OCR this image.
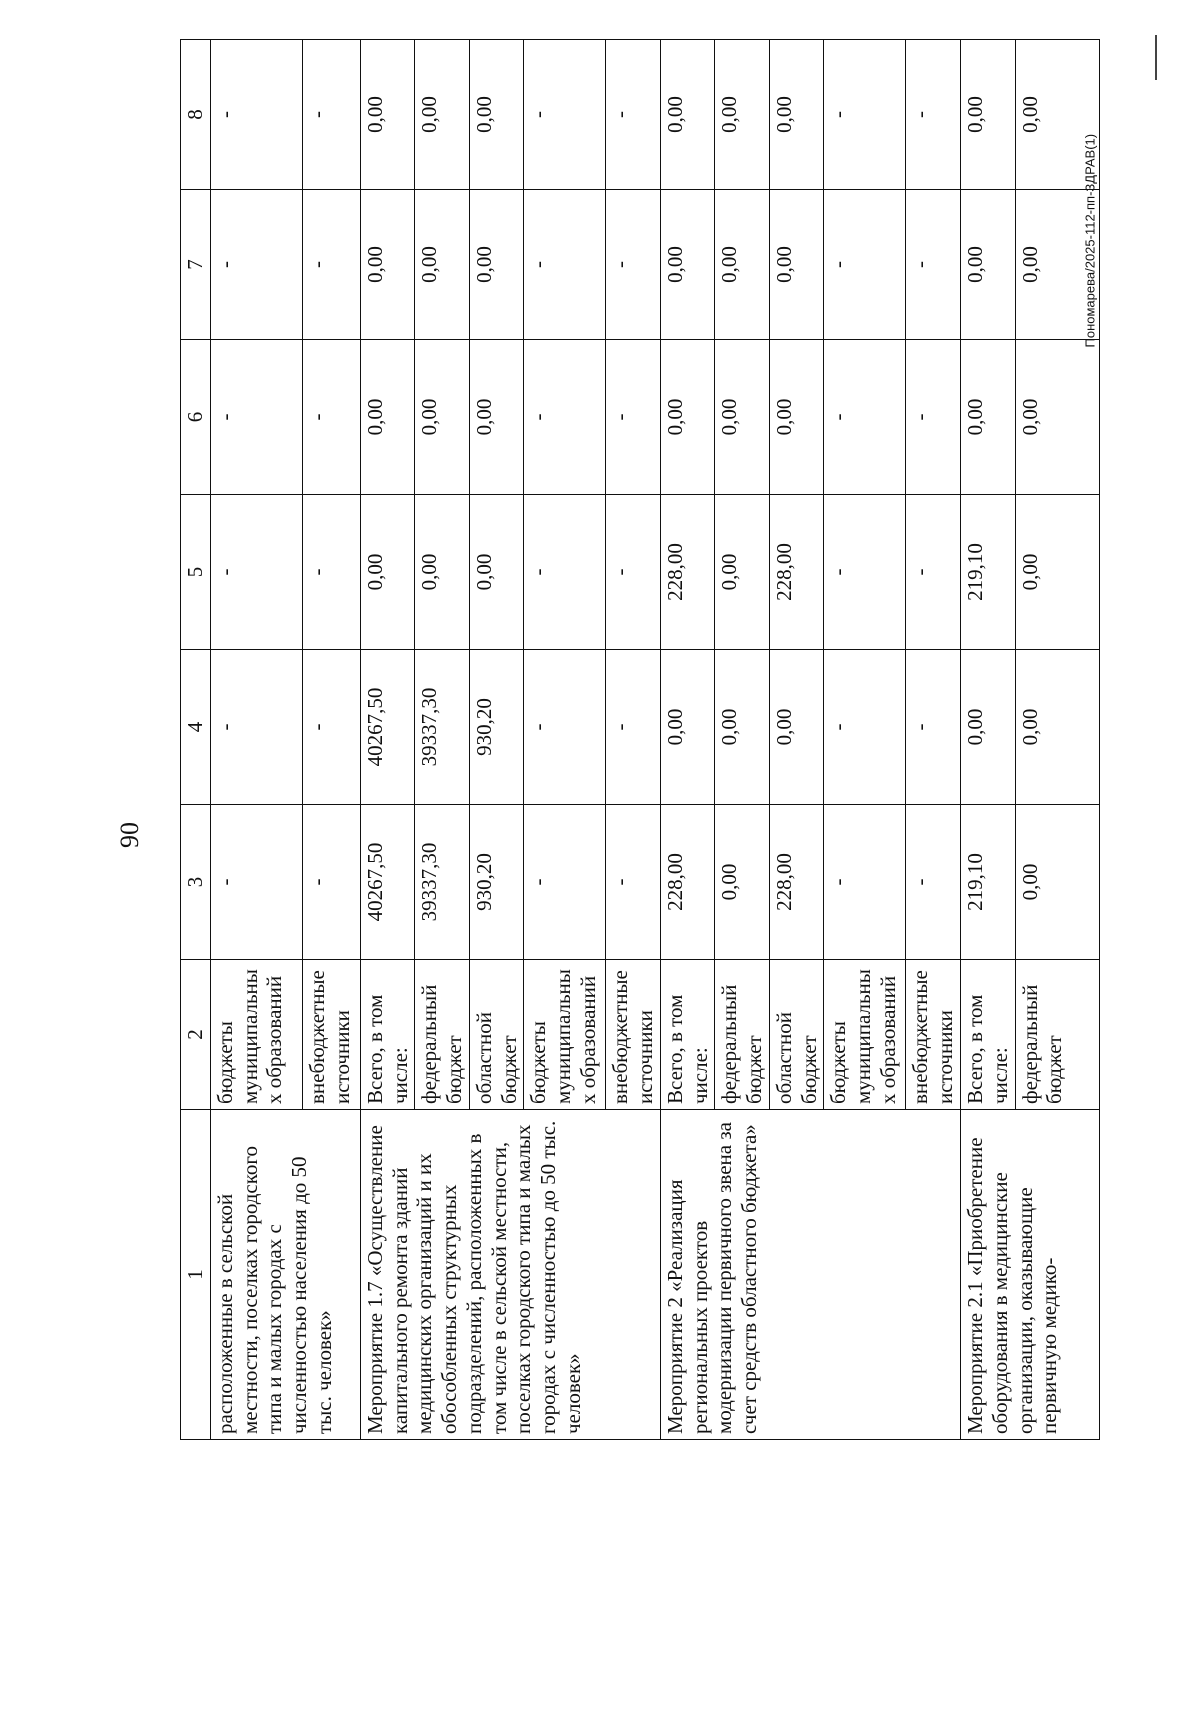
90
Пономарева/2025-112-пп-ЗДРАВ(1)
1	2	3	4	5	6	7	8
расположенные в сельской местности, поселках городского типа и малых городах с численностью населения до 50 тыс. человек»	бюджеты муниципальных образований	-	-	-	-	-	-
	внебюджетные источники	-	-	-	-	-	-
Мероприятие 1.7 «Осуществление капитального ремонта зданий медицинских организаций и их обособленных структурных подразделений, расположенных в том числе в сельской местности, поселках городского типа и малых городах с численностью до 50 тыс. человек»	Всего, в том числе:	40267,50	40267,50	0,00	0,00	0,00	0,00
	федеральный бюджет	39337,30	39337,30	0,00	0,00	0,00	0,00
	областной бюджет	930,20	930,20	0,00	0,00	0,00	0,00
	бюджеты муниципальных образований	-	-	-	-	-	-
	внебюджетные источники	-	-	-	-	-	-
Мероприятие 2 «Реализация региональных проектов модернизации первичного звена за счет средств областного бюджета»	Всего, в том числе:	228,00	0,00	228,00	0,00	0,00	0,00
	федеральный бюджет	0,00	0,00	0,00	0,00	0,00	0,00
	областной бюджет	228,00	0,00	228,00	0,00	0,00	0,00
	бюджеты муниципальных образований	-	-	-	-	-	-
	внебюджетные источники	-	-	-	-	-	-
Мероприятие 2.1 «Приобретение оборудования в медицинские организации, оказывающие первичную медико-	Всего, в том числе:	219,10	0,00	219,10	0,00	0,00	0,00
	федеральный бюджет	0,00	0,00	0,00	0,00	0,00	0,00
